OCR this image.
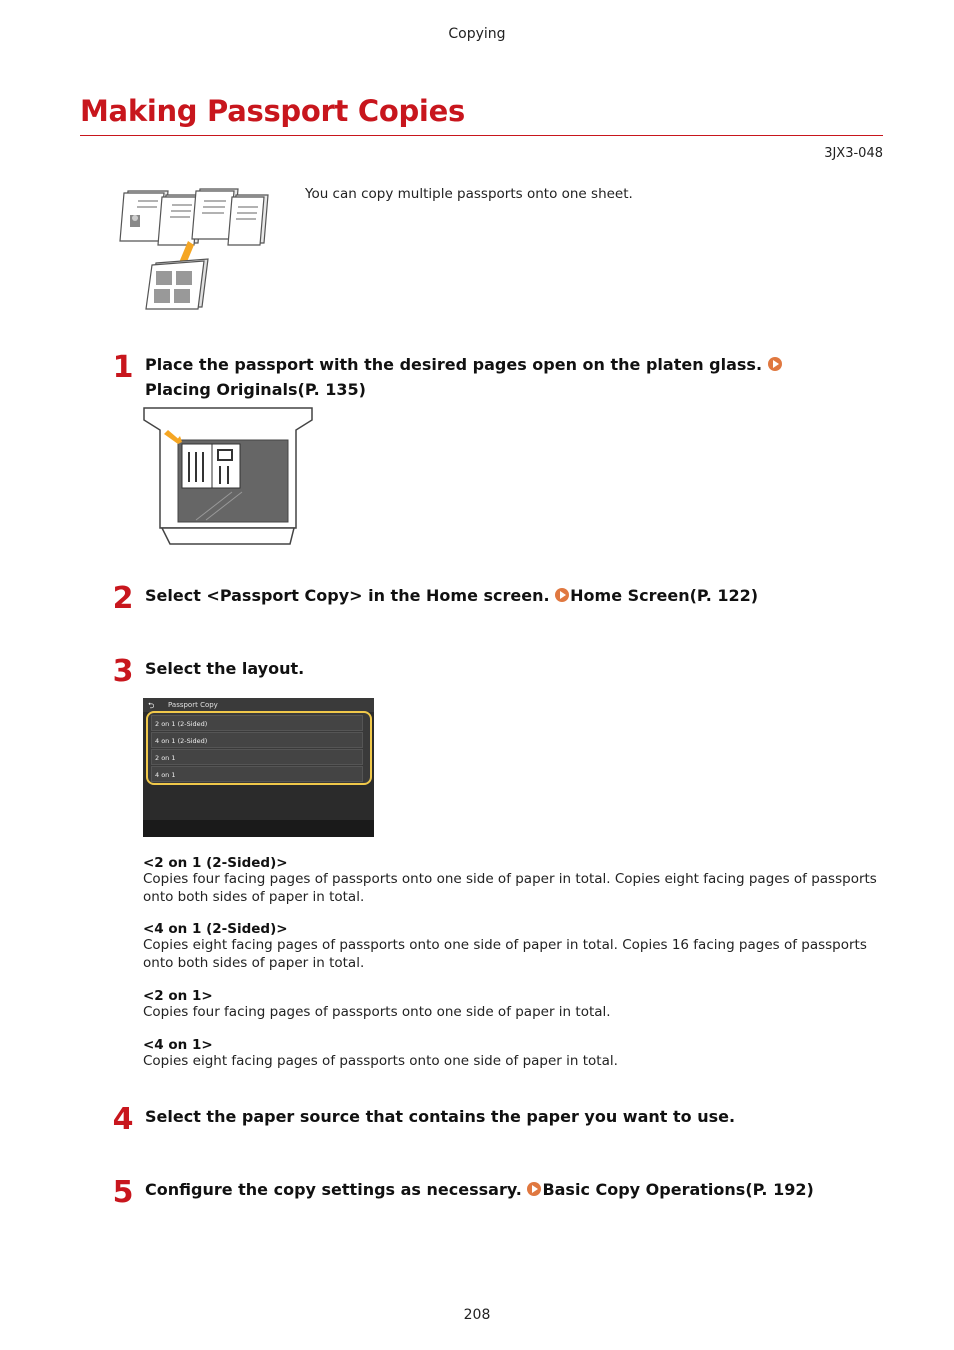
Copying
Making Passport Copies
3JX3-048
You can copy multiple passports onto one sheet.
1 Place the passport with the desired pages open on the platen glass. Placing Originals(P. 135)
2 Select <Passport Copy> in the Home screen. Home Screen(P. 122)
3 Select the layout.
⮌ Passport Copy
2 on 1 (2-Sided)
4 on 1 (2-Sided)
2 on 1
4 on 1
<2 on 1 (2-Sided)>
Copies four facing pages of passports onto one side of paper in total. Copies eight facing pages of passports onto both sides of paper in total.
<4 on 1 (2-Sided)>
Copies eight facing pages of passports onto one side of paper in total. Copies 16 facing pages of passports onto both sides of paper in total.
<2 on 1>
Copies four facing pages of passports onto one side of paper in total.
<4 on 1>
Copies eight facing pages of passports onto one side of paper in total.
4 Select the paper source that contains the paper you want to use.
5 Configure the copy settings as necessary. Basic Copy Operations(P. 192)
208
